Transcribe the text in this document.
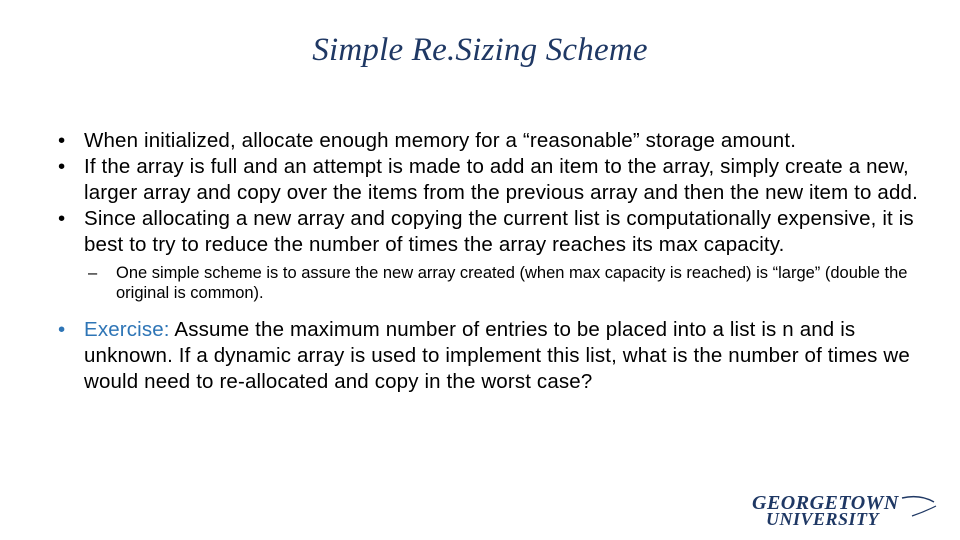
Simple Re.Sizing Scheme
• When initialized, allocate enough memory for a “reasonable” storage amount.
• If the array is full and an attempt is made to add an item to the array, simply create a new, larger array and copy over the items from the previous array and then the new item to add.
• Since allocating a new array and copying the current list is computationally expensive, it is best to try to reduce the number of times the array reaches its max capacity.
– One simple scheme is to assure the new array created (when max capacity is reached) is “large” (double the original is common).
• Exercise: Assume the maximum number of entries to be placed into a list is n and is unknown. If a dynamic array is used to implement this list, what is the number of times we would need to re-allocated and copy in the worst case?
GEORGETOWN
UNIVERSITY
